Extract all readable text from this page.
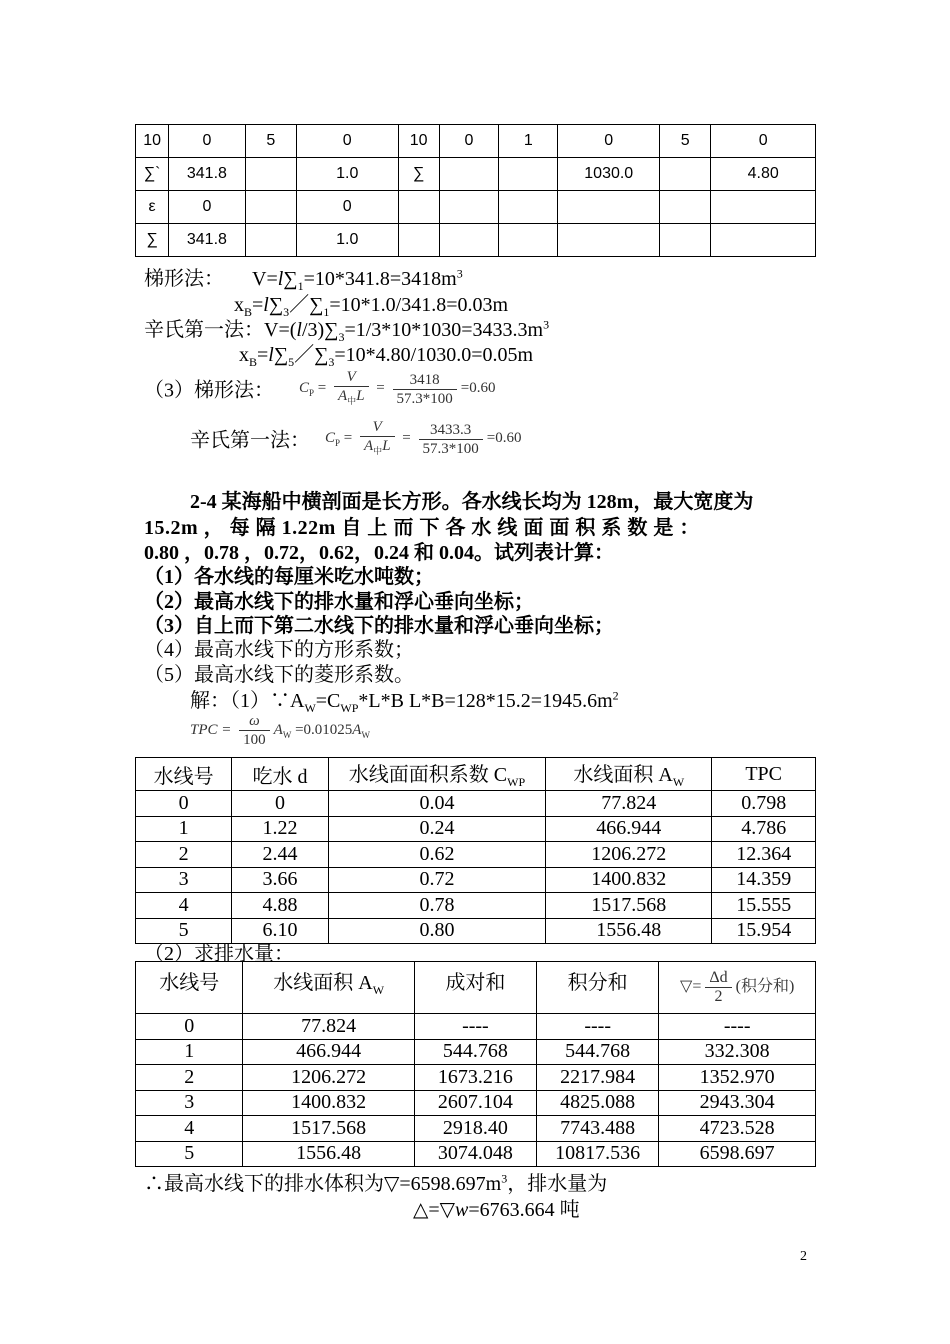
10	0	5	0	10	0	1	0	5	0
∑`	341.8		1.0	∑			1030.0		4.80
ε	0		0						
∑	341.8		1.0						
梯形法： $V=l\sum_1=10*341.8=3418m^3$
$x_B=l\sum_3/\sum_1=10*1.0/341.8=0.03m$
辛氏第一法：$V=(l/3)\sum_3=1/3*10*1030=3433.3m^3$
$x_B=l\sum_5/\sum_3=10*4.80/1030.0=0.05m$
（3）梯形法： $C_P = \frac{V}{A_中L} = \frac{3418}{57.3*100} =0.60$
辛氏第一法： $C_P = \frac{V}{A_中L} = \frac{3433.3}{57.3*100} =0.60$
2-4 某海船中横剖面是长方形。各水线长均为 128m，最大宽度为
15.2m ， 每 隔 1.22m 自 上 而 下 各 水 线 面 面 积 系 数 是 ：
0.80 ，0.78 ，0.72，0.62，0.24 和 0.04。试列表计算：
（1）各水线的每厘米吃水吨数；
（2）最高水线下的排水量和浮心垂向坐标；
（3）自上而下第二水线下的排水量和浮心垂向坐标；
（4）最高水线下的方形系数；
（5）最高水线下的菱形系数。
解：$(1)\because A_W=C_{WP}*L*B$ $L*B=128*15.2=1945.6m^2$
TPC = $\frac{\omega}{100} A_W =0.01025A_W$
水线号	吃水 d	水线面面积系数 $C_{WP}$	水线面积 $A_W$	TPC
0	0	0.04	77.824	0.798
1	1.22	0.24	466.944	4.786
2	2.44	0.62	1206.272	12.364
3	3.66	0.72	1400.832	14.359
4	4.88	0.78	1517.568	15.555
5	6.10	0.80	1556.48	15.954
（2）求排水量：
水线号	水线面积 $A_W$	成对和	积分和	▽= $\frac{\Delta d}{2}$ (积分和)
0	77.824	----	----	----
1	466.944	544.768	544.768	332.308
2	1206.272	1673.216	2217.984	1352.970
3	1400.832	2607.104	4825.088	2943.304
4	1517.568	2918.40	7743.488	4723.528
5	1556.48	3074.048	10817.536	6598.697
∴最高水线下的排水体积为$▽=6598.697m^3$，排水量为
△=▽w=6763.664 吨
2
